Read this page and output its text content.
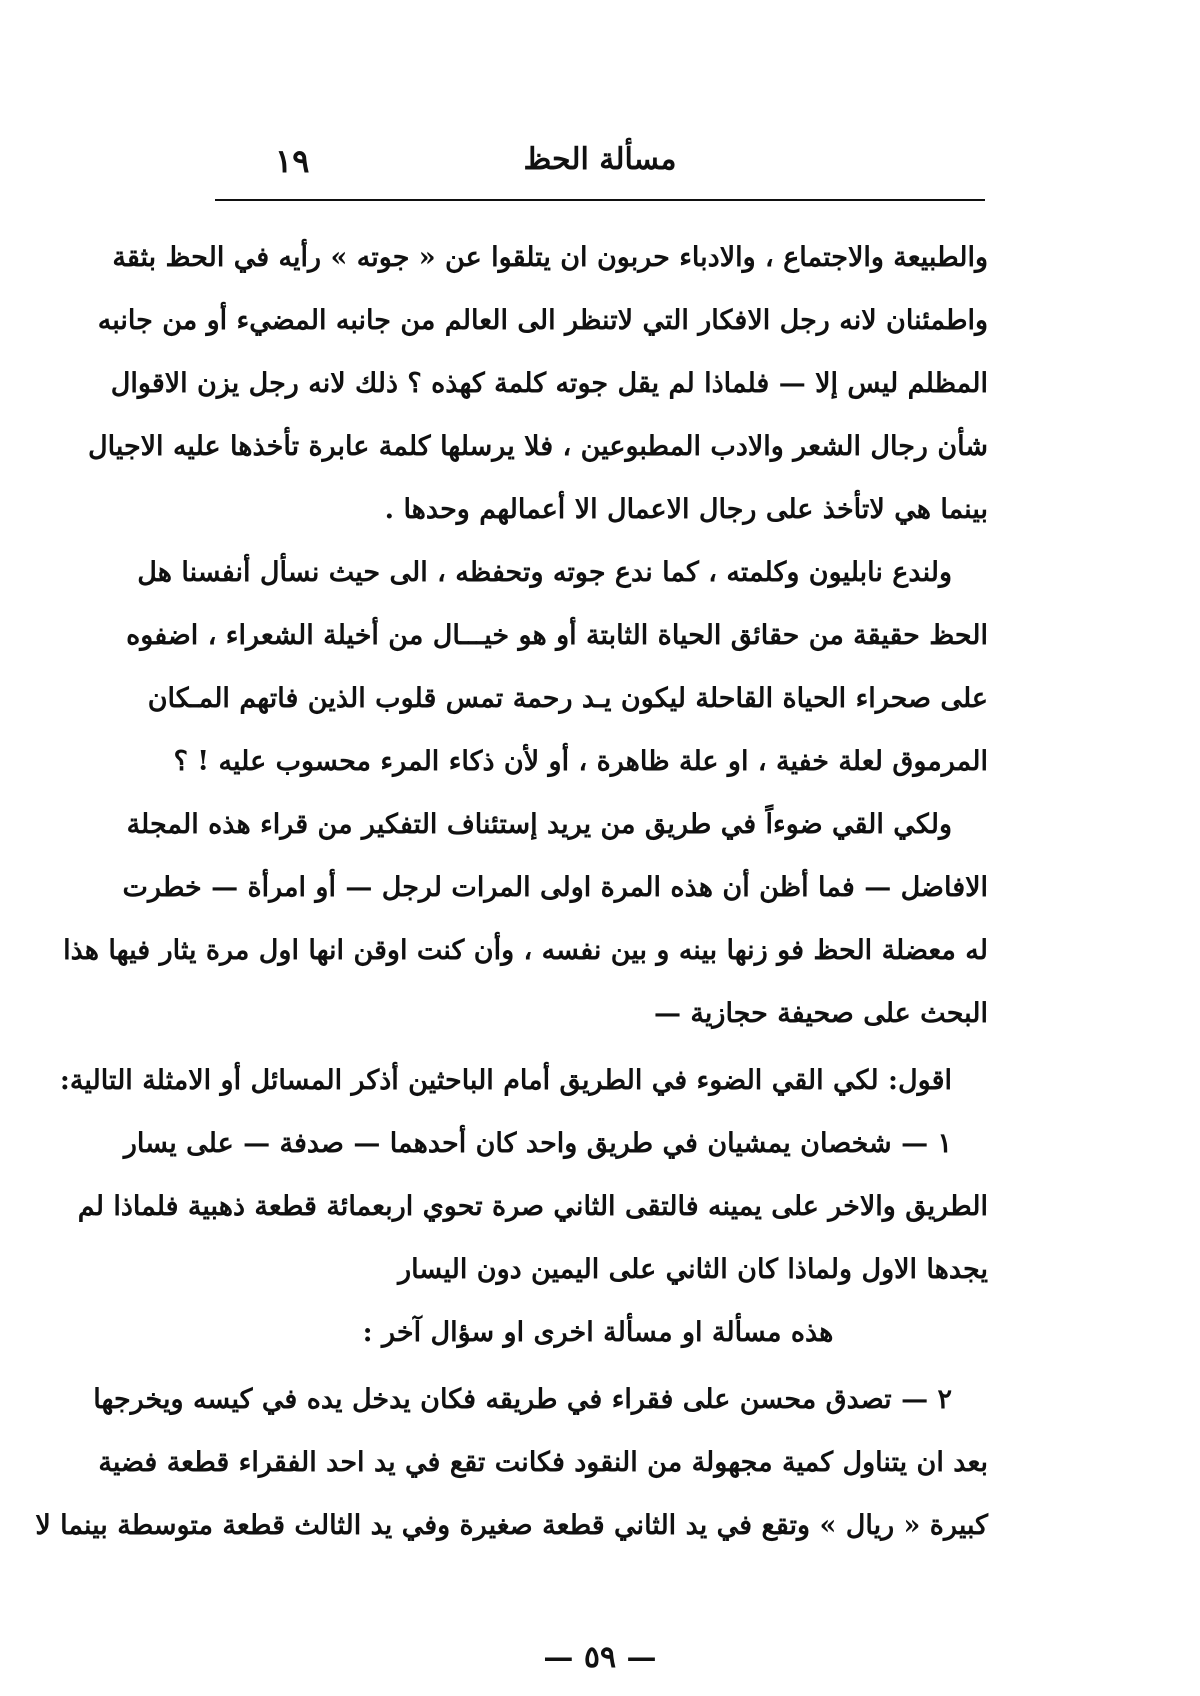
مسألة الحظ
١٩
والطبيعة والاجتماع ، والادباء حربون ان يتلقوا عن « جوته » رأيه في الحظ بثقة
واطمئنان لانه رجل الافكار التي لاتنظر الى العالم من جانبه المضيء أو من جانبه
المظلم ليس إلا — فلماذا لم يقل جوته كلمة كهذه ؟ ذلك لانه رجل يزن الاقوال
شأن رجال الشعر والادب المطبوعين ، فلا يرسلها كلمة عابرة تأخذها عليه الاجيال
بينما هي لاتأخذ على رجال الاعمال الا أعمالهم وحدها .
ولندع نابليون وكلمته ، كما ندع جوته وتحفظه ، الى حيث نسأل أنفسنا هل
الحظ حقيقة من حقائق الحياة الثابتة أو هو خيـــال من أخيلة الشعراء ، اضفوه
على صحراء الحياة القاحلة ليكون يـد رحمة تمس قلوب الذين فاتهم المـكان
المرموق لعلة خفية ، او علة ظاهرة ، أو لأن ذكاء المرء محسوب عليه ! ؟
ولكي القي ضوءاً في طريق من يريد إستئناف التفكير من قراء هذه المجلة
الافاضل — فما أظن أن هذه المرة اولى المرات لرجل — أو امرأة — خطرت
له معضلة الحظ فو زنها بينه و بين نفسه ، وأن كنت اوقن انها اول مرة يثار فيها هذا
البحث على صحيفة حجازية —
اقول: لكي القي الضوء في الطريق أمام الباحثين أذكر المسائل أو الامثلة التالية:
١ — شخصان يمشيان في طريق واحد كان أحدهما — صدفة — على يسار
الطريق والاخر على يمينه فالتقى الثاني صرة تحوي اربعمائة قطعة ذهبية فلماذا لم
يجدها الاول ولماذا كان الثاني على اليمين دون اليسار
هذه مسألة او مسألة اخرى او سؤال آخر :
٢ — تصدق محسن على فقراء في طريقه فكان يدخل يده في كيسه ويخرجها
بعد ان يتناول كمية مجهولة من النقود فكانت تقع في يد احد الفقراء قطعة فضية
كبيرة « ريال » وتقع في يد الثاني قطعة صغيرة وفي يد الثالث قطعة متوسطة بينما لا
— ٥٩ —
